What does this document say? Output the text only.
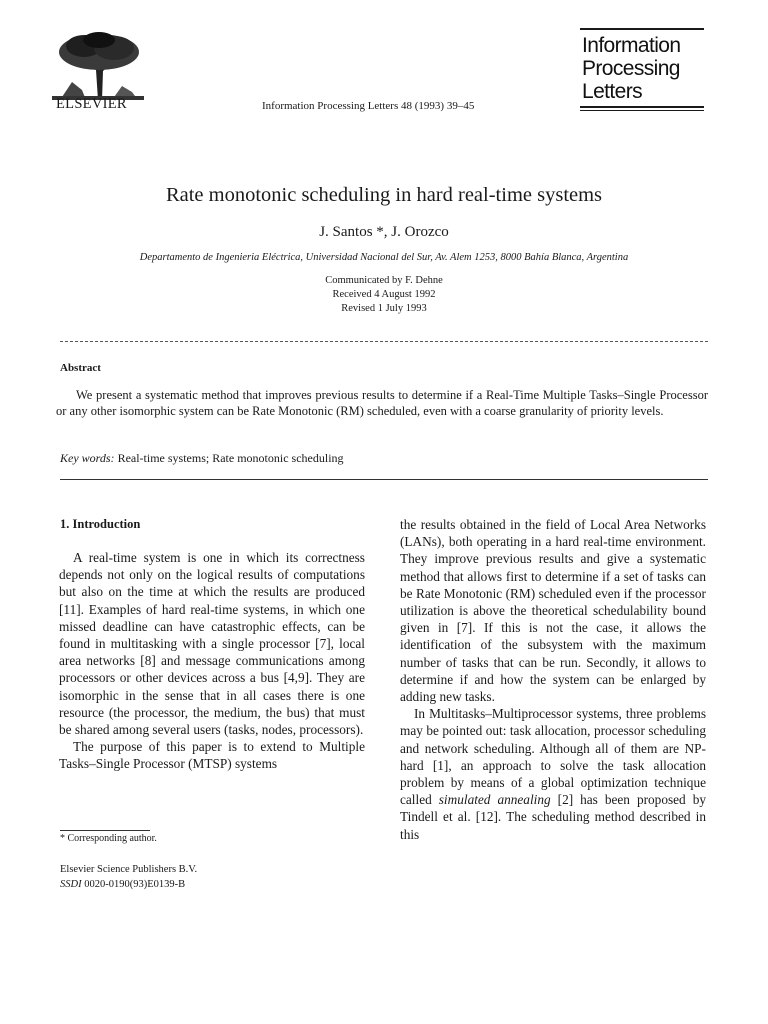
ELSEVIER	Information Processing Letters 48 (1993) 39–45
Information
Processing
Letters
Rate monotonic scheduling in hard real-time systems
J. Santos *, J. Orozco
Departamento de Ingenieria Eléctrica, Universidad Nacional del Sur, Av. Alem 1253, 8000 Bahía Blanca, Argentina
Communicated by F. Dehne
Received 4 August 1992
Revised 1 July 1993
Abstract
We present a systematic method that improves previous results to determine if a Real-Time Multiple Tasks–Single Processor or any other isomorphic system can be Rate Monotonic (RM) scheduled, even with a coarse granularity of priority levels.
Key words: Real-time systems; Rate monotonic scheduling
1. Introduction

A real-time system is one in which its correctness depends not only on the logical results of computations but also on the time at which the results are produced [11]. Examples of hard real-time systems, in which one missed deadline can have catastrophic effects, can be found in multitasking with a single processor [7], local area networks [8] and message communications among processors or other devices across a bus [4,9]. They are isomorphic in the sense that in all cases there is one resource (the processor, the medium, the bus) that must be shared among several users (tasks, nodes, processors).

The purpose of this paper is to extend to Multiple Tasks–Single Processor (MTSP) systems

the results obtained in the field of Local Area Networks (LANs), both operating in a hard real-time environment. They improve previous results and give a systematic method that allows first to determine if a set of tasks can be Rate Monotonic (RM) scheduled even if the processor utilization is above the theoretical schedulability bound given in [7]. If this is not the case, it allows the identification of the subsystem with the maximum number of tasks that can be run. Secondly, it allows to determine if and how the system can be enlarged by adding new tasks.

In Multitasks–Multiprocessor systems, three problems may be pointed out: task allocation, processor scheduling and network scheduling. Although all of them are NP-hard [1], an approach to solve the task allocation problem by means of a global optimization technique called simulated annealing [2] has been proposed by Tindell et al. [12]. The scheduling method described in this

* Corresponding author.
Elsevier Science Publishers B.V.
SSDI 0020-0190(93)E0139-B
